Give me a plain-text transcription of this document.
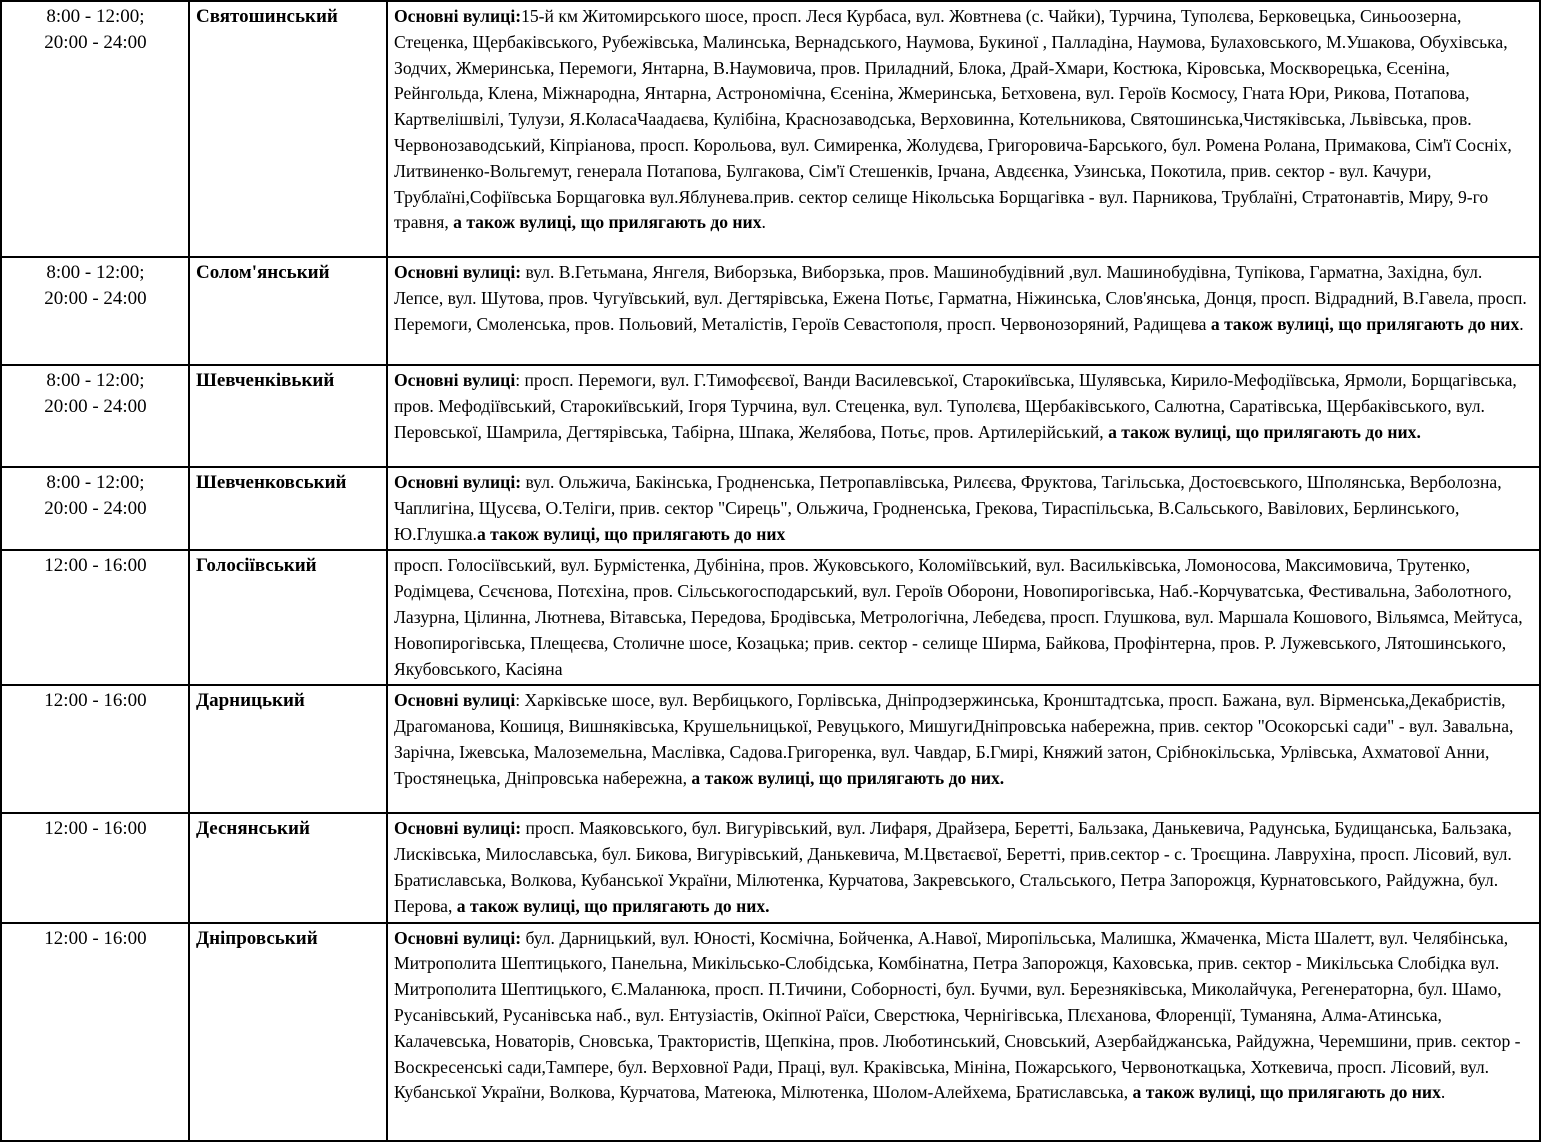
8:00 - 12:00;
20:00 - 24:00	Святошинський	Основні вулиці:15-й км Житомирського шосе, просп. Леся Курбаса, вул. Жовтнева (с. Чайки), Турчина, Туполєва, Берковецька, Синьоозерна, Стеценка, Щербаківського, Рубежівська, Малинська, Вернадського, Наумова, Букиної , Палладіна, Наумова, Булаховського, М.Ушакова, Обухівська, Зодчих, Жмеринська, Перемоги, Янтарна, В.Наумовича, пров. Приладний, Блока, Драй-Хмари, Костюка, Кіровська, Москворецька, Єсеніна, Рейнгольда, Клена, Міжнародна, Янтарна, Астрономічна, Єсеніна, Жмеринська, Бетховена, вул. Героїв Космосу, Гната Юри, Рикова, Потапова, Картвелішвілі, Тулузи, Я.КоласаЧаадаєва, Кулібіна, Краснозаводська, Верховинна, Котельникова, Святошинська,Чистяківська, Львівська, пров. Червонозаводський, Кіпріанова, просп. Корольова, вул. Симиренка, Жолудєва, Григоровича-Барського, бул. Ромена Ролана, Примакова, Сім'ї Сосніх, Литвиненко-Вольгемут, генерала Потапова, Булгакова, Сім'ї Стешенків, Ірчана, Авдєєнка, Узинська, Покотила, прив. сектор - вул. Качури, Трублаїні,Софіївська Борщаговка вул.Яблунева.прив. сектор селище Нікольська Борщагівка - вул. Парникова, Трублаїні, Стратонавтів, Миру, 9-го травня, а також вулиці, що прилягають до них.

8:00 - 12:00;
20:00 - 24:00	Солом'янський	Основні вулиці: вул. В.Гетьмана, Янгеля, Виборзька, Виборзька, пров. Машинобудівний ,вул. Машинобудівна, Тупікова, Гарматна, Західна, бул. Лепсе, вул. Шутова, пров. Чугуївський, вул. Дегтярівська, Ежена Потьє, Гарматна, Ніжинська, Слов'янська, Донця, просп. Відрадний, В.Гавела, просп. Перемоги, Смоленська, пров. Польовий, Металістів, Героїв Севастополя, просп. Червонозоряний, Радищева а також вулиці, що прилягають до них.

8:00 - 12:00;
20:00 - 24:00	Шевченківький	Основні вулиці: просп. Перемоги, вул. Г.Тимофєєвої, Ванди Василевської, Старокиївська, Шулявська, Кирило-Мефодіївська, Ярмоли, Борщагівська, пров. Мефодіївський, Старокиївський, Ігоря Турчина, вул. Стеценка, вул. Туполєва, Щербаківського, Салютна, Саратівська, Щербаківського, вул. Перовської, Шамрила, Дегтярівська, Табірна, Шпака, Желябова, Потьє, пров. Артилерійський, а також вулиці, що прилягають до них.

8:00 - 12:00;
20:00 - 24:00	Шевченковський	Основні вулиці: вул. Ольжича, Бакінська, Гродненська, Петропавлівська, Рилєєва, Фруктова, Тагільська, Достоєвського, Шполянська, Верболозна, Чаплигіна, Щусєва, О.Теліги, прив. сектор "Сирець", Ольжича, Гродненська, Грекова, Тираспільська, В.Сальського, Вавілових, Берлинського, Ю.Глушка.а також вулиці, що прилягають до них

12:00 - 16:00	Голосіївський	просп. Голосіївський, вул. Бурмістенка, Дубініна, пров. Жуковського, Коломіївський, вул. Васильківська, Ломоносова, Максимовича, Трутенко, Родімцева, Сєчєнова, Потєхіна, пров. Сільськогосподарський, вул. Героїв Оборони, Новопирогівська, Наб.-Корчуватська, Фестивальна, Заболотного, Лазурна, Цілинна, Лютнева, Вітавська, Передова, Бродівська, Метрологічна, Лебедєва, просп. Глушкова, вул. Маршала Кошового, Вільямса, Мейтуса, Новопирогівська, Плещеєва, Столичне шосе, Козацька; прив. сектор - селище Ширма, Байкова, Профінтерна, пров. Р. Лужевського, Лятошинського, Якубовського, Касіяна

12:00 - 16:00	Дарницький	Основні вулиці: Харківське шосе, вул. Вербицького, Горлівська, Дніпродзержинська, Кронштадтська, просп. Бажана, вул. Вірменська,Декабристів, Драгоманова, Кошиця, Вишняківська, Крушельницької, Ревуцького, МишугиДніпровська набережна, прив. сектор "Осокорські сади" - вул. Завальна, Зарічна, Іжевська, Малоземельна, Маслівка, Садова.Григоренка, вул. Чавдар, Б.Гмирі, Княжий затон, Срібнокільська, Урлівська, Ахматової Анни, Тростянецька, Дніпровська набережна, а також вулиці, що прилягають до них.

12:00 - 16:00	Деснянський	Основні вулиці: просп. Маяковського, бул. Вигурівський, вул. Лифаря, Драйзера, Беретті, Бальзака, Данькевича, Радунська, Будищанська, Бальзака, Лисківська, Милославська, бул. Бикова, Вигурівський, Данькевича, М.Цвєтаєвої, Беретті, прив.сектор - с. Троєщина. Лаврухіна, просп. Лісовий, вул. Братиславська, Волкова, Кубанської України, Мілютенка, Курчатова, Закревського, Стальського, Петра Запорожця, Курнатовського, Райдужна, бул. Перова, а також вулиці, що прилягають до них.

12:00 - 16:00	Дніпровський	Основні вулиці: бул. Дарницький, вул. Юності, Космічна, Бойченка, А.Навої, Миропільська, Малишка, Жмаченка, Міста Шалетт, вул. Челябінська, Митрополита Шептицького, Панельна, Микільсько-Слобідська, Комбінатна, Петра Запорожця, Каховська, прив. сектор - Микільська Слобідка вул. Митрополита Шептицького, Є.Маланюка, просп. П.Тичини, Соборності, бул. Бучми, вул. Березняківська, Миколайчука, Регенераторна, бул. Шамо, Русанівський, Русанівська наб., вул. Ентузіастів, Окіпної Раїси, Сверстюка, Чернігівська, Плєханова, Флоренції, Туманяна, Алма-Атинська, Калачевська, Новаторів, Сновська, Трактористів, Щепкіна, пров. Люботинський, Сновський, Азербайджанська, Райдужна, Черемшини, прив. сектор - Воскресенські сади,Тампере, бул. Верховної Ради, Праці, вул. Краківська, Мініна, Пожарського, Червоноткацька, Хоткевича, просп. Лісовий, вул. Кубанської України, Волкова, Курчатова, Матеюка, Мілютенка, Шолом-Алейхема, Братиславська, а також вулиці, що прилягають до них.
